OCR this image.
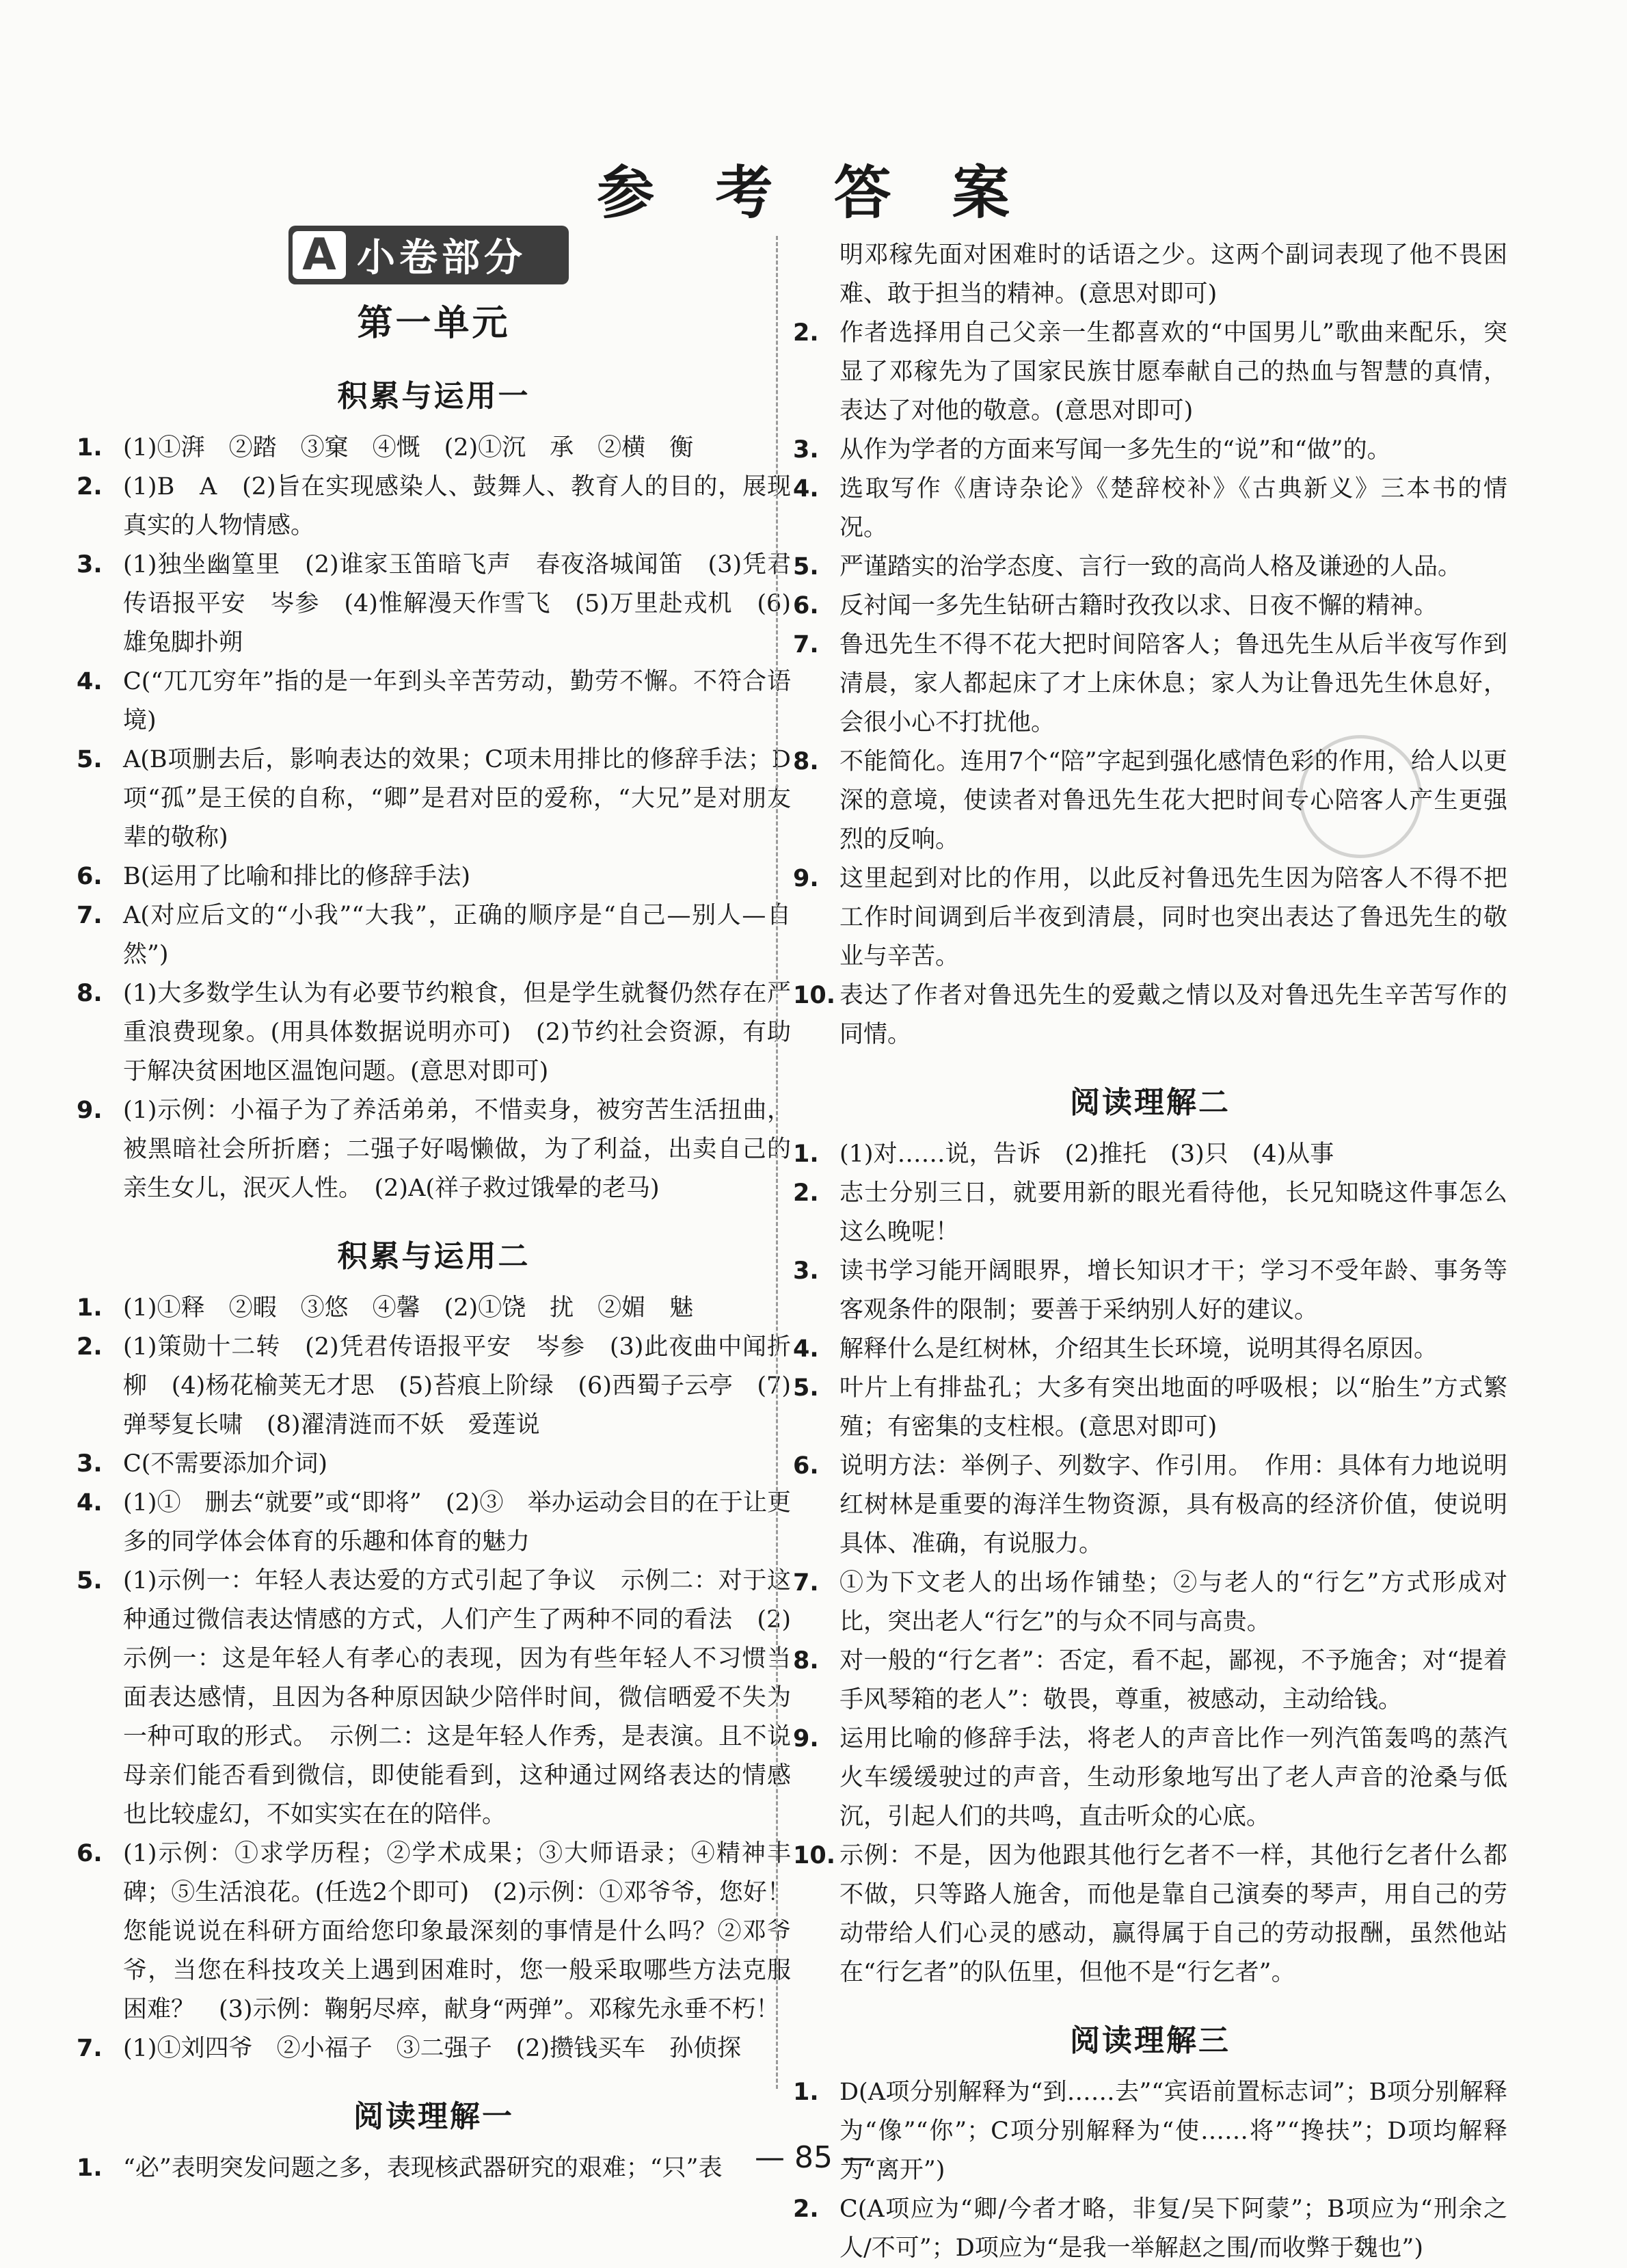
参 考 答 案
A 小卷部分
第一单元
积累与运用一
1. (1)①湃　②踏　③窠　④慨　(2)①沉　承　②横　衡
2. (1)B　A　(2)旨在实现感染人、鼓舞人、教育人的目的，展现真实的人物情感。
3. (1)独坐幽篁里　(2)谁家玉笛暗飞声　春夜洛城闻笛　(3)凭君传语报平安　岑参　(4)惟解漫天作雪飞　(5)万里赴戎机　(6)雄兔脚扑朔
4. C(“兀兀穷年”指的是一年到头辛苦劳动，勤劳不懈。不符合语境)
5. A(B项删去后，影响表达的效果；C项未用排比的修辞手法；D项“孤”是王侯的自称，“卿”是君对臣的爱称，“大兄”是对朋友辈的敬称)
6. B(运用了比喻和排比的修辞手法)
7. A(对应后文的“小我”“大我”，正确的顺序是“自己—别人—自然”)
8. (1)大多数学生认为有必要节约粮食，但是学生就餐仍然存在严重浪费现象。(用具体数据说明亦可)　(2)节约社会资源，有助于解决贫困地区温饱问题。(意思对即可)
9. (1)示例：小福子为了养活弟弟，不惜卖身，被穷苦生活扭曲，被黑暗社会所折磨；二强子好喝懒做，为了利益，出卖自己的亲生女儿，泯灭人性。　(2)A(祥子救过饿晕的老马)
积累与运用二
1. (1)①释　②暇　③悠　④馨　(2)①饶　扰　②媚　魅
2. (1)策勋十二转　(2)凭君传语报平安　岑参　(3)此夜曲中闻折柳　(4)杨花榆荚无才思　(5)苔痕上阶绿　(6)西蜀子云亭　(7)弹琴复长啸　(8)濯清涟而不妖　爱莲说
3. C(不需要添加介词)
4. (1)①　删去“就要”或“即将”　(2)③　举办运动会目的在于让更多的同学体会体育的乐趣和体育的魅力
5. (1)示例一：年轻人表达爱的方式引起了争议　示例二：对于这种通过微信表达情感的方式，人们产生了两种不同的看法　(2)示例一：这是年轻人有孝心的表现，因为有些年轻人不习惯当面表达感情，且因为各种原因缺少陪伴时间，微信晒爱不失为一种可取的形式。　示例二：这是年轻人作秀，是表演。且不说母亲们能否看到微信，即使能看到，这种通过网络表达的情感也比较虚幻，不如实实在在的陪伴。
6. (1)示例：①求学历程；②学术成果；③大师语录；④精神丰碑；⑤生活浪花。(任选2个即可)　(2)示例：①邓爷爷，您好！您能说说在科研方面给您印象最深刻的事情是什么吗？②邓爷爷，当您在科技攻关上遇到困难时，您一般采取哪些方法克服困难？　(3)示例：鞠躬尽瘁，献身“两弹”。邓稼先永垂不朽！
7. (1)①刘四爷　②小福子　③二强子　(2)攒钱买车　孙侦探
阅读理解一
1. “必”表明突发问题之多，表现核武器研究的艰难；“只”表
明邓稼先面对困难时的话语之少。这两个副词表现了他不畏困难、敢于担当的精神。(意思对即可)
2. 作者选择用自己父亲一生都喜欢的“中国男儿”歌曲来配乐，突显了邓稼先为了国家民族甘愿奉献自己的热血与智慧的真情，表达了对他的敬意。(意思对即可)
3. 从作为学者的方面来写闻一多先生的“说”和“做”的。
4. 选取写作《唐诗杂论》《楚辞校补》《古典新义》三本书的情况。
5. 严谨踏实的治学态度、言行一致的高尚人格及谦逊的人品。
6. 反衬闻一多先生钻研古籍时孜孜以求、日夜不懈的精神。
7. 鲁迅先生不得不花大把时间陪客人；鲁迅先生从后半夜写作到清晨，家人都起床了才上床休息；家人为让鲁迅先生休息好，会很小心不打扰他。
8. 不能简化。连用7个“陪”字起到强化感情色彩的作用，给人以更深的意境，使读者对鲁迅先生花大把时间专心陪客人产生更强烈的反响。
9. 这里起到对比的作用，以此反衬鲁迅先生因为陪客人不得不把工作时间调到后半夜到清晨，同时也突出表达了鲁迅先生的敬业与辛苦。
10. 表达了作者对鲁迅先生的爱戴之情以及对鲁迅先生辛苦写作的同情。
阅读理解二
1. (1)对……说，告诉　(2)推托　(3)只　(4)从事
2. 志士分别三日，就要用新的眼光看待他，长兄知晓这件事怎么这么晚呢！
3. 读书学习能开阔眼界，增长知识才干；学习不受年龄、事务等客观条件的限制；要善于采纳别人好的建议。
4. 解释什么是红树林，介绍其生长环境，说明其得名原因。
5. 叶片上有排盐孔；大多有突出地面的呼吸根；以“胎生”方式繁殖；有密集的支柱根。(意思对即可)
6. 说明方法：举例子、列数字、作引用。　作用：具体有力地说明红树林是重要的海洋生物资源，具有极高的经济价值，使说明具体、准确，有说服力。
7. ①为下文老人的出场作铺垫；②与老人的“行乞”方式形成对比，突出老人“行乞”的与众不同与高贵。
8. 对一般的“行乞者”：否定，看不起，鄙视，不予施舍；对“提着手风琴箱的老人”：敬畏，尊重，被感动，主动给钱。
9. 运用比喻的修辞手法，将老人的声音比作一列汽笛轰鸣的蒸汽火车缓缓驶过的声音，生动形象地写出了老人声音的沧桑与低沉，引起人们的共鸣，直击听众的心底。
10. 示例：不是，因为他跟其他行乞者不一样，其他行乞者什么都不做，只等路人施舍，而他是靠自己演奏的琴声，用自己的劳动带给人们心灵的感动，赢得属于自己的劳动报酬，虽然他站在“行乞者”的队伍里，但他不是“行乞者”。
阅读理解三
1. D(A项分别解释为“到……去”“宾语前置标志词”；B项分别解释为“像”“你”；C项分别解释为“使……将”“搀扶”；D项均解释为“离开”)
2. C(A项应为“卿/今者才略，非复/吴下阿蒙”；B项应为“刑余之人/不可”；D项应为“是我一举解赵之围/而收弊于魏也”)
— 85 —
